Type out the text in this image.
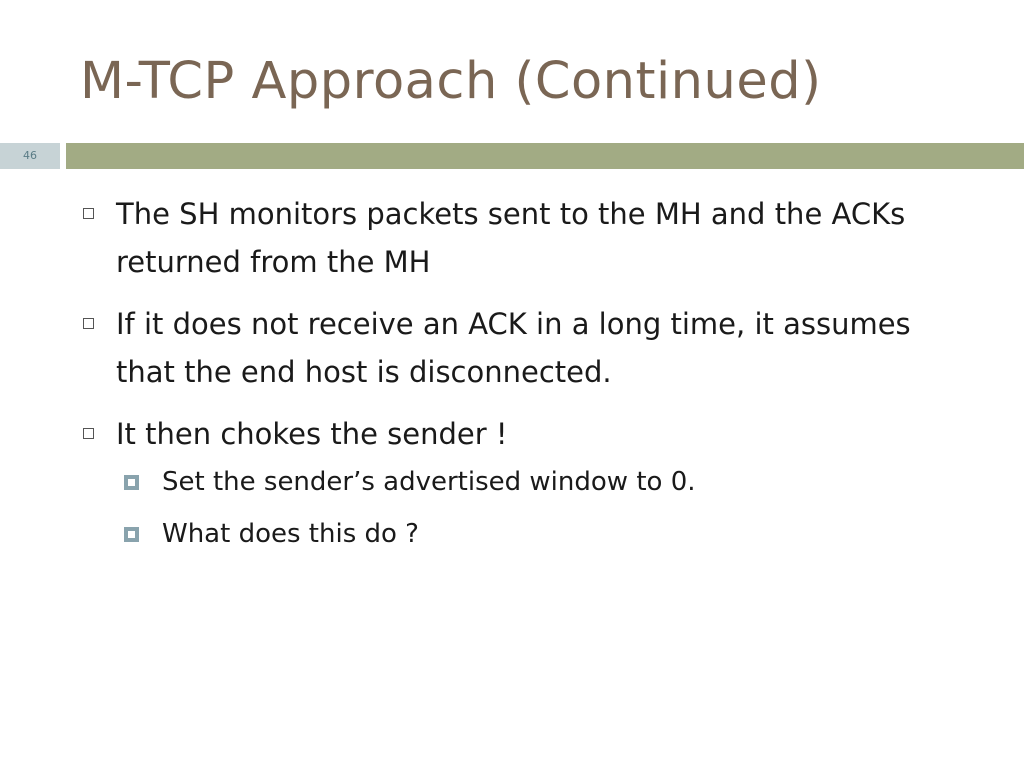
M-TCP Approach (Continued)
46
The SH monitors packets sent to the MH and the ACKs returned from the MH
If it does not receive an ACK in a long time, it assumes that the end host is disconnected.
It then chokes the sender !
Set the sender’s advertised window to 0.
What does this do ?
